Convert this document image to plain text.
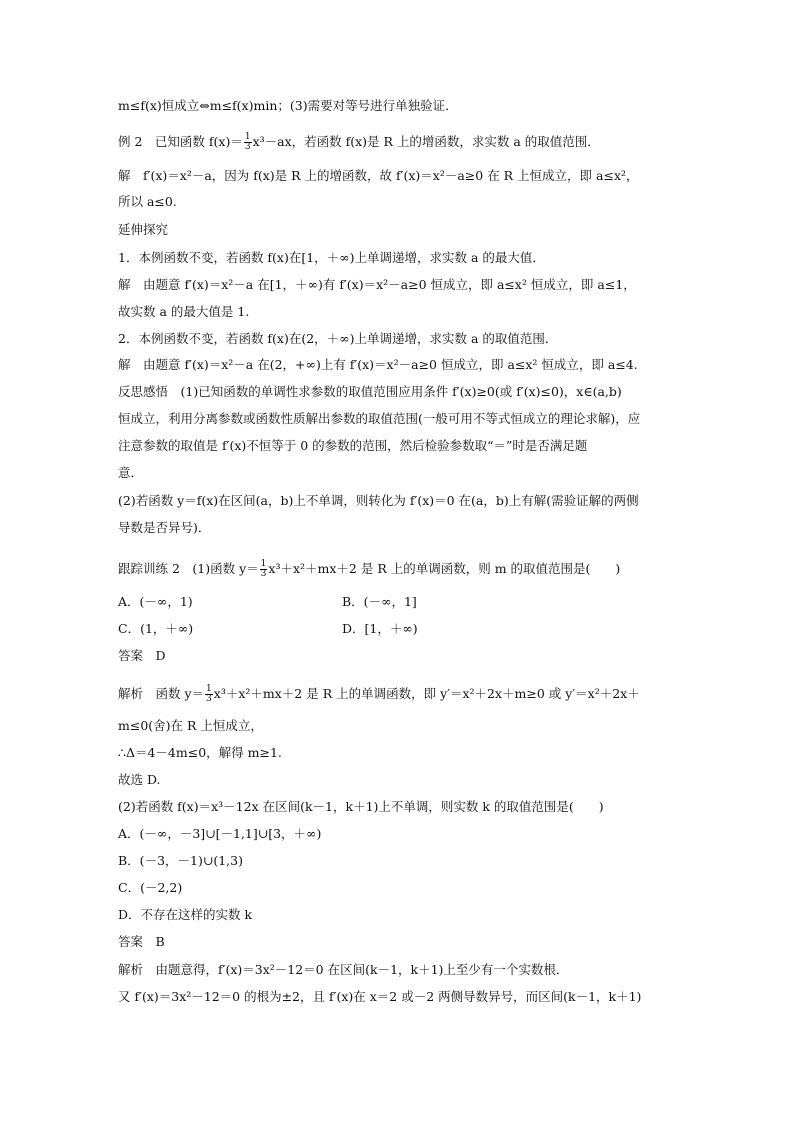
m≤f(x)恒成立⇔m≤f(x)min；(3)需要对等号进行单独验证．
例 2　已知函数 $f(x)= \frac{1}{3} x^3-ax$，若函数 f(x)是 R 上的增函数，求实数 a 的取值范围．
解　f′(x)＝x²－a，因为 f(x)是 R 上的增函数，故 f′(x)＝x²－a≥0 在 R 上恒成立，即 a≤x²，
所以 a≤0.
延伸探究
1．本例函数不变，若函数 f(x)在[1，＋∞)上单调递增，求实数 a 的最大值．
解　由题意 f′(x)＝x²－a 在[1，＋∞)有 f′(x)＝x²－a≥0 恒成立，即 a≤x² 恒成立，即 a≤1，
故实数 a 的最大值是 1.
2．本例函数不变，若函数 f(x)在(2，＋∞)上单调递增，求实数 a 的取值范围．
解　由题意 f′(x)＝x²－a 在(2，+∞)上有 f′(x)＝x²－a≥0 恒成立，即 a≤x² 恒成立，即 a≤4.
反思感悟　(1)已知函数的单调性求参数的取值范围应用条件 f′(x)≥0(或 f′(x)≤0)，x∈(a,b)
恒成立，利用分离参数或函数性质解出参数的取值范围(一般可用不等式恒成立的理论求解)，应
注意参数的取值是 f′(x)不恒等于 0 的参数的范围，然后检验参数取“＝”时是否满足题
意．
(2)若函数 y＝f(x)在区间(a，b)上不单调，则转化为 f′(x)＝0 在(a，b)上有解(需验证解的两侧
导数是否异号)．
跟踪训练 2　(1)函数 $y= \frac{1}{3} x^3+x^2+mx+2$ 是 R 上的单调函数，则 m 的取值范围是(　　)
A．(－∞，1)	B．(－∞，1]
C．(1，＋∞)	D．[1，＋∞)
答案　D
解析　函数 $y= \frac{1}{3} x^3+x^2+mx+2$ 是 R 上的单调函数，即 y′＝x²＋2x＋m≥0 或 y′＝x²＋2x＋
m≤0(舍)在 R 上恒成立，
∴Δ＝4－4m≤0，解得 m≥1.
故选 D.
(2)若函数 f(x)＝x³－12x 在区间(k－1，k＋1)上不单调，则实数 k 的取值范围是(　　)
A．(－∞，－3]∪[－1,1]∪[3，＋∞)
B．(－3，－1)∪(1,3)
C．(－2,2)
D．不存在这样的实数 k
答案　B
解析　由题意得，f′(x)＝3x²－12＝0 在区间(k－1，k＋1)上至少有一个实数根．
又 f′(x)＝3x²－12＝0 的根为±2，且 f′(x)在 x＝2 或－2 两侧导数异号，而区间(k－1，k＋1)
